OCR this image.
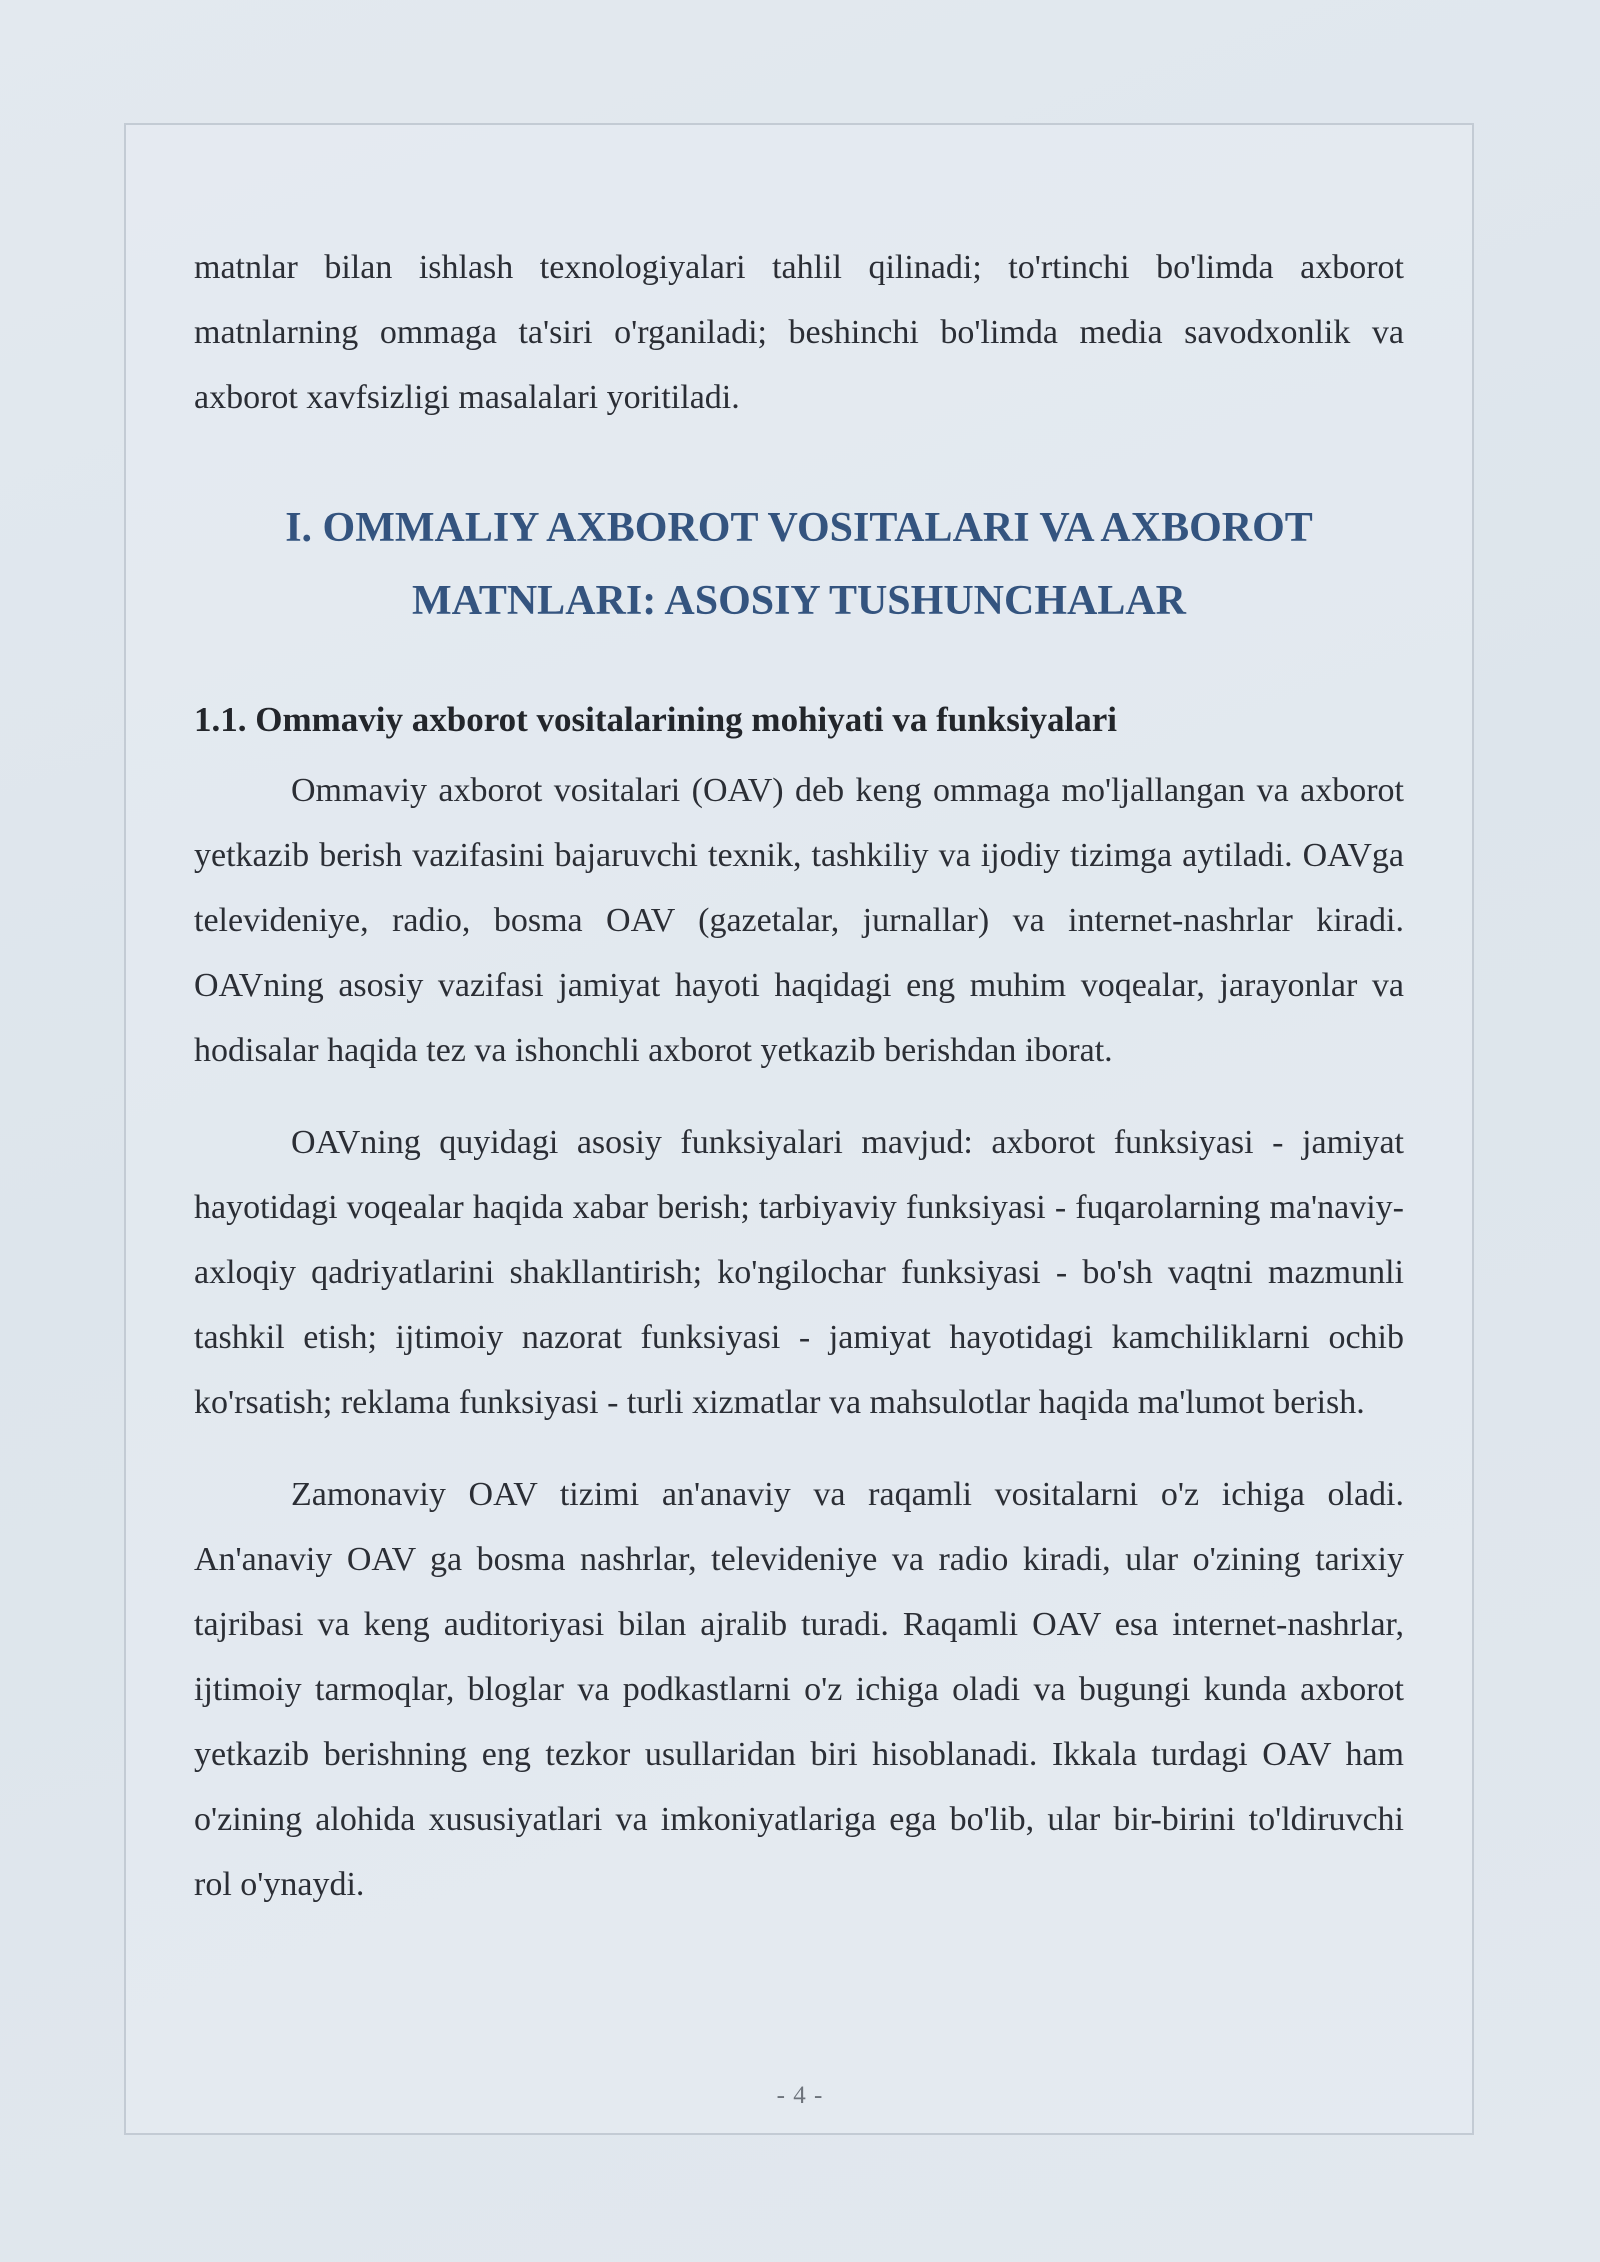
matnlar bilan ishlash texnologiyalari tahlil qilinadi; to'rtinchi bo'limda axborot matnlarning ommaga ta'siri o'rganiladi; beshinchi bo'limda media savodxonlik va axborot xavfsizligi masalalari yoritiladi.

I. OMMALIY AXBOROT VOSITALARI VA AXBOROT
MATNLARI: ASOSIY TUSHUNCHALAR
1.1. Ommaviy axborot vositalarining mohiyati va funksiyalari

Ommaviy axborot vositalari (OAV) deb keng ommaga mo'ljallangan va axborot yetkazib berish vazifasini bajaruvchi texnik, tashkiliy va ijodiy tizimga aytiladi. OAVga televideniye, radio, bosma OAV (gazetalar, jurnallar) va internet-nashrlar kiradi. OAVning asosiy vazifasi jamiyat hayoti haqidagi eng muhim voqealar, jarayonlar va hodisalar haqida tez va ishonchli axborot yetkazib berishdan iborat.

OAVning quyidagi asosiy funksiyalari mavjud: axborot funksiyasi - jamiyat hayotidagi voqealar haqida xabar berish; tarbiyaviy funksiyasi - fuqarolarning ma'naviy-axloqiy qadriyatlarini shakllantirish; ko'ngilochar funksiyasi - bo'sh vaqtni mazmunli tashkil etish; ijtimoiy nazorat funksiyasi - jamiyat hayotidagi kamchiliklarni ochib ko'rsatish; reklama funksiyasi - turli xizmatlar va mahsulotlar haqida ma'lumot berish.

Zamonaviy OAV tizimi an'anaviy va raqamli vositalarni o'z ichiga oladi. An'anaviy OAV ga bosma nashrlar, televideniye va radio kiradi, ular o'zining tarixiy tajribasi va keng auditoriyasi bilan ajralib turadi. Raqamli OAV esa internet-nashrlar, ijtimoiy tarmoqlar, bloglar va podkastlarni o'z ichiga oladi va bugungi kunda axborot yetkazib berishning eng tezkor usullaridan biri hisoblanadi. Ikkala turdagi OAV ham o'zining alohida xususiyatlari va imkoniyatlariga ega bo'lib, ular bir-birini to'ldiruvchi rol o'ynaydi.

- 4 -
